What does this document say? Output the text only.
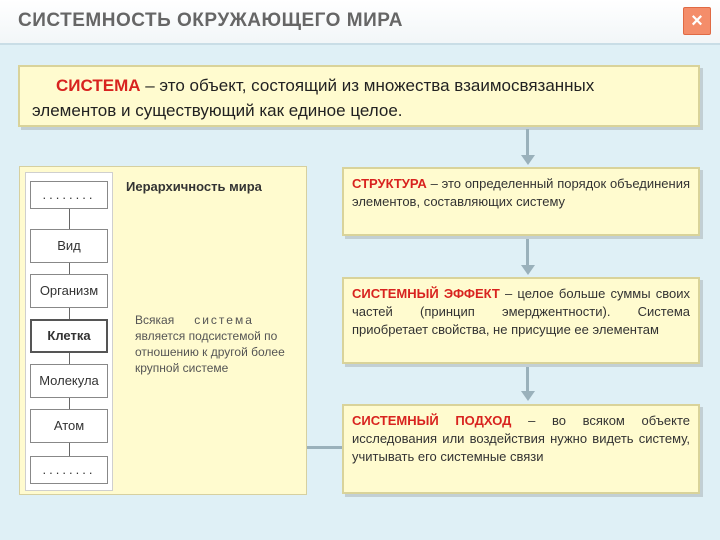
СИСТЕМНОСТЬ ОКРУЖАЮЩЕГО МИРА	×
СИСТЕМА – это объект, состоящий из множества взаимосвязанных
элементов и существующий как единое целое.
........
Вид
Организм
Клетка
Молекула
Атом
........
Иерархичность мира
Всякая система является подсистемой по отношению к другой более крупной системе
СТРУКТУРА – это определенный порядок объединения элементов, составляющих систему
СИСТЕМНЫЙ ЭФФЕКТ – целое больше суммы своих частей (принцип эмерджентности). Система приобретает свойства, не присущие ее элементам
СИСТЕМНЫЙ ПОДХОД – во всяком объекте исследования или воздействия нужно видеть систему, учитывать его системные связи
